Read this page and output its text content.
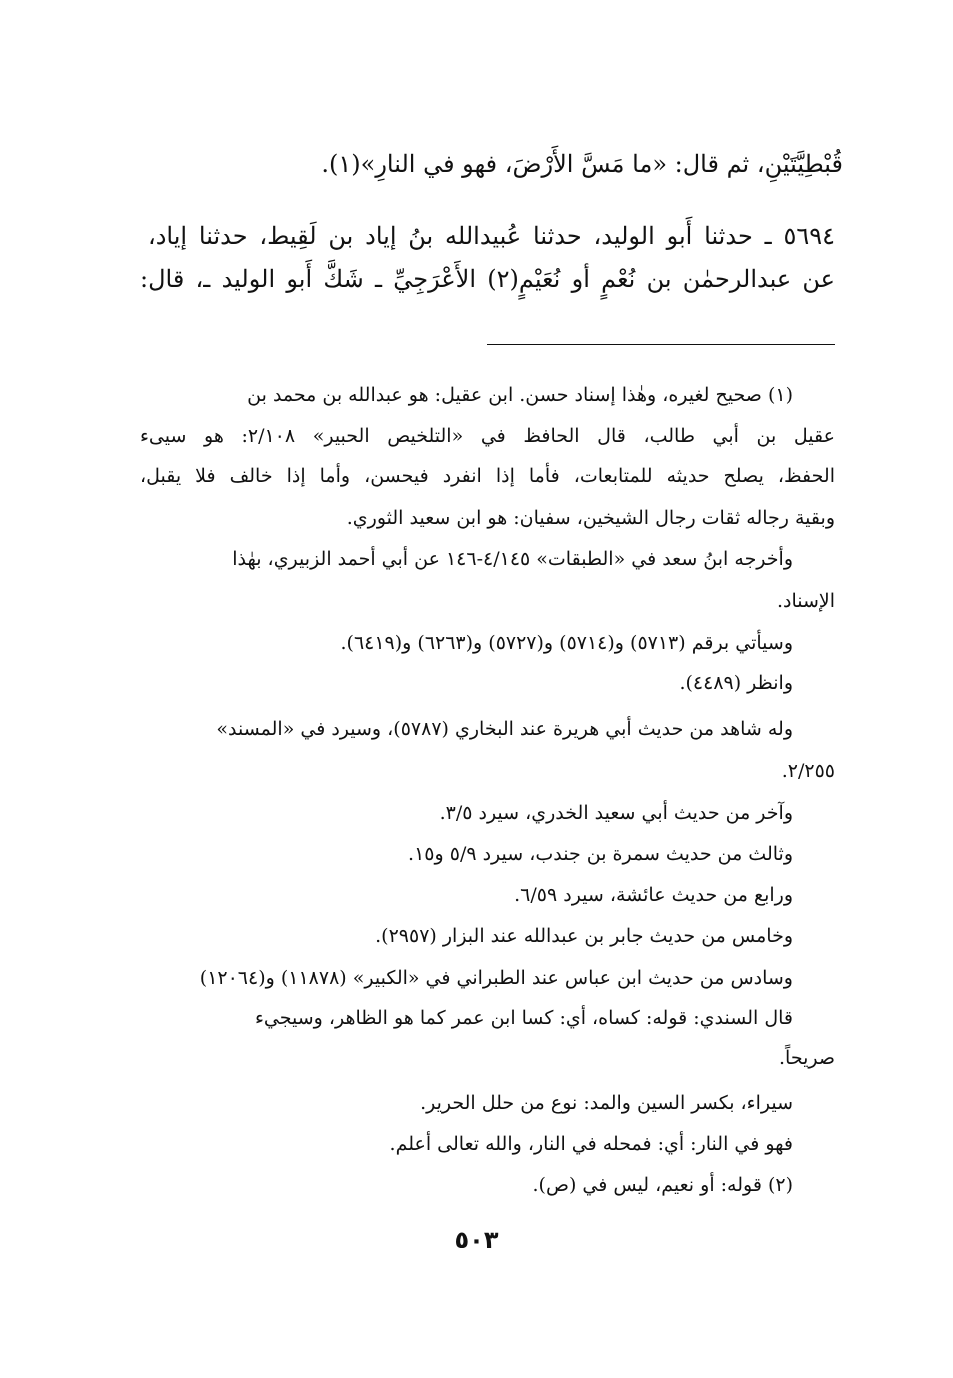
قُبْطِيَّتَيْنِ، ثم قال: «ما مَسَّ الأَرْضَ، فهو في النارِ»(١).
٥٦٩٤ ـ حدثنا أَبو الوليد، حدثنا عُبيدالله بنُ إياد بن لَقِيط، حدثنا إياد،
عن عبدالرحمٰن بن نُعْمٍ أو نُعَيْمٍ(٢) الأَعْرَجِيِّ ـ شَكَّ أَبو الوليد ـ، قال:
(١) صحيح لغيره، وهٰذا إسناد حسن. ابن عقيل: هو عبدالله بن محمد بن
عقيل بن أبي طالب، قال الحافظ في «التلخيص الحبير» ٢/١٠٨: هو سيىء
الحفظ، يصلح حديثه للمتابعات، فأما إذا انفرد فيحسن، وأما إذا خالف فلا يقبل،
وبقية رجاله ثقات رجال الشيخين، سفيان: هو ابن سعيد الثوري.
وأخرجه ابنُ سعد في «الطبقات» ٤/١٤٥-١٤٦ عن أبي أحمد الزبيري، بهٰذا
الإسناد.
وسيأتي برقم (٥٧١٣) و(٥٧١٤) و(٥٧٢٧) و(٦٢٦٣) و(٦٤١٩).
وانظر (٤٤٨٩).
وله شاهد من حديث أبي هريرة عند البخاري (٥٧٨٧)، وسيرد في «المسند»
٢/٢٥٥.
وآخر من حديث أبي سعيد الخدري، سيرد ٣/٥.
وثالث من حديث سمرة بن جندب، سيرد ٥/٩ و١٥.
ورابع من حديث عائشة، سيرد ٦/٥٩.
وخامس من حديث جابر بن عبدالله عند البزار (٢٩٥٧).
وسادس من حديث ابن عباس عند الطبراني في «الكبير» (١١٨٧٨) و(١٢٠٦٤)
قال السندي: قوله: كساه، أي: كسا ابن عمر كما هو الظاهر، وسيجيء
صريحاً.
سيراء، بكسر السين والمد: نوع من حلل الحرير.
فهو في النار: أي: فمحله في النار، والله تعالى أعلم.
(٢) قوله: أو نعيم، ليس في (ص).
٥٠٣
